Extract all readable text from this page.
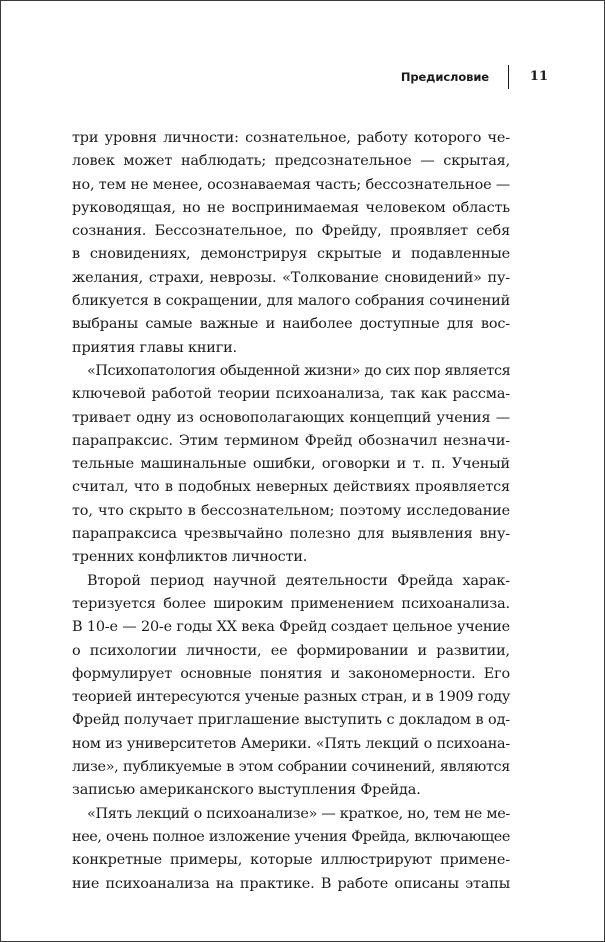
Предисловие	11
три уровня личности: сознательное, работу которого че-
ловек может наблюдать; предсознательное — скрытая,
но, тем не менее, осознаваемая часть; бессознательное —
руководящая, но не воспринимаемая человеком область
сознания. Бессознательное, по Фрейду, проявляет себя
в сновидениях, демонстрируя скрытые и подавленные
желания, страхи, неврозы. «Толкование сновидений» пу-
бликуется в сокращении, для малого собрания сочинений
выбраны самые важные и наиболее доступные для вос-
приятия главы книги.
«Психопатология обыденной жизни» до сих пор является
ключевой работой теории психоанализа, так как рассма-
тривает одну из основополагающих концепций учения —
парапраксис. Этим термином Фрейд обозначил незначи-
тельные машинальные ошибки, оговорки и т. п. Ученый
считал, что в подобных неверных действиях проявляется
то, что скрыто в бессознательном; поэтому исследование
парапраксиса чрезвычайно полезно для выявления вну-
тренних конфликтов личности.
Второй период научной деятельности Фрейда харак-
теризуется более широким применением психоанализа.
В 10-е — 20-е годы XX века Фрейд создает цельное учение
о психологии личности, ее формировании и развитии,
формулирует основные понятия и закономерности. Его
теорией интересуются ученые разных стран, и в 1909 году
Фрейд получает приглашение выступить с докладом в од-
ном из университетов Америки. «Пять лекций о психоана-
лизе», публикуемые в этом собрании сочинений, являются
записью американского выступления Фрейда.
«Пять лекций о психоанализе» — краткое, но, тем не ме-
нее, очень полное изложение учения Фрейда, включающее
конкретные примеры, которые иллюстрируют примене-
ние психоанализа на практике. В работе описаны этапы
